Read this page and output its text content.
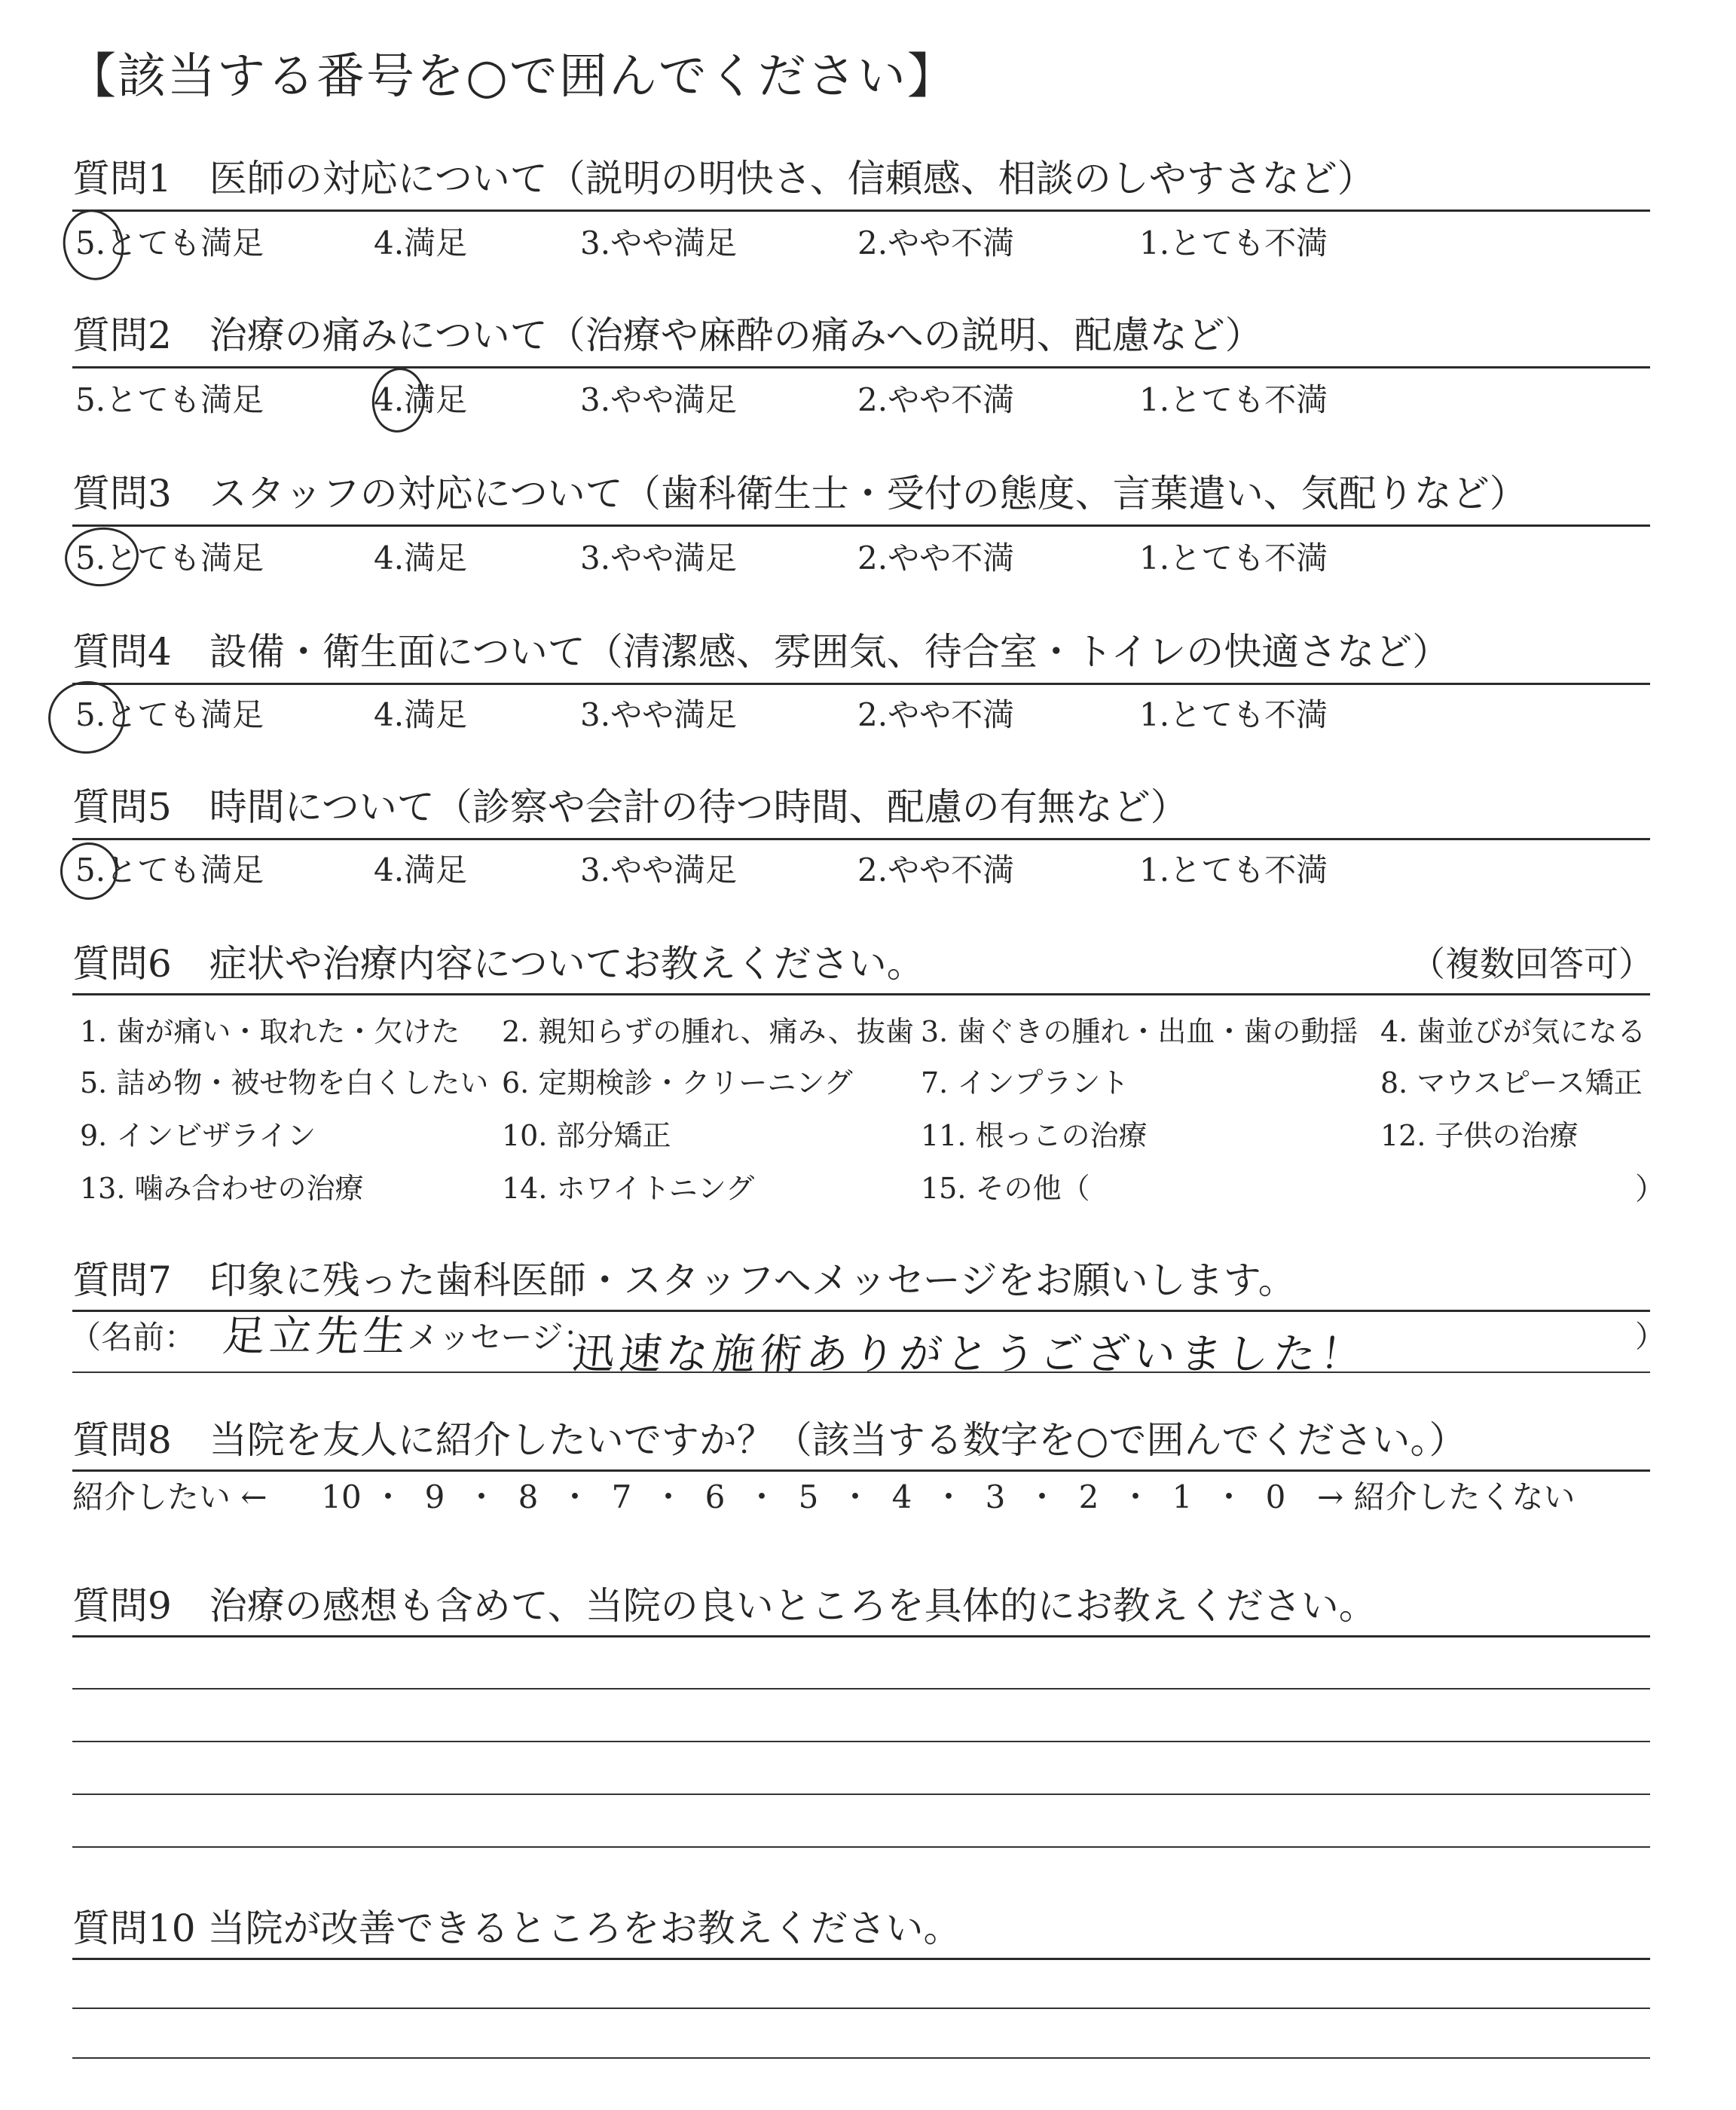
【該当する番号を○で囲んでください】
質問1　医師の対応について（説明の明快さ、信頼感、相談のしやすさなど）
5.とても満足	4.満足	3.やや満足	2.やや不満	1.とても不満
質問2　治療の痛みについて（治療や麻酔の痛みへの説明、配慮など）
5.とても満足	4.満足	3.やや満足	2.やや不満	1.とても不満
質問3　スタッフの対応について（歯科衛生士・受付の態度、言葉遣い、気配りなど）
5.とても満足	4.満足	3.やや満足	2.やや不満	1.とても不満
質問4　設備・衛生面について（清潔感、雰囲気、待合室・トイレの快適さなど）
5.とても満足	4.満足	3.やや満足	2.やや不満	1.とても不満
質問5　時間について（診察や会計の待つ時間、配慮の有無など）
5.とても満足	4.満足	3.やや満足	2.やや不満	1.とても不満
質問6　症状や治療内容についてお教えください。	（複数回答可）
1. 歯が痛い・取れた・欠けた 2. 親知らずの腫れ、痛み、抜歯 3. 歯ぐきの腫れ・出血・歯の動揺 4. 歯並びが気になる
5. 詰め物・被せ物を白くしたい 6. 定期検診・クリーニング 7. インプラント	8. マウスピース矯正
9. インビザライン	10. 部分矯正	11. 根っこの治療	12. 子供の治療
13. 噛み合わせの治療	14. ホワイトニング	15. その他（	）
質問7　印象に残った歯科医師・スタッフへメッセージをお願いします。
（名前： 足立先生
メッセージ：
迅速な施術ありがとうございました！	）
質問8　当院を友人に紹介したいですか？（該当する数字を○で囲んでください。）
紹介したい ← 10 ・ 9 ・ 8 ・ 7 ・ 6 ・ 5 ・ 4 ・ 3 ・ 2 ・ 1 ・ 0 → 紹介したくない
質問9　治療の感想も含めて、当院の良いところを具体的にお教えください。
質問10 当院が改善できるところをお教えください。
